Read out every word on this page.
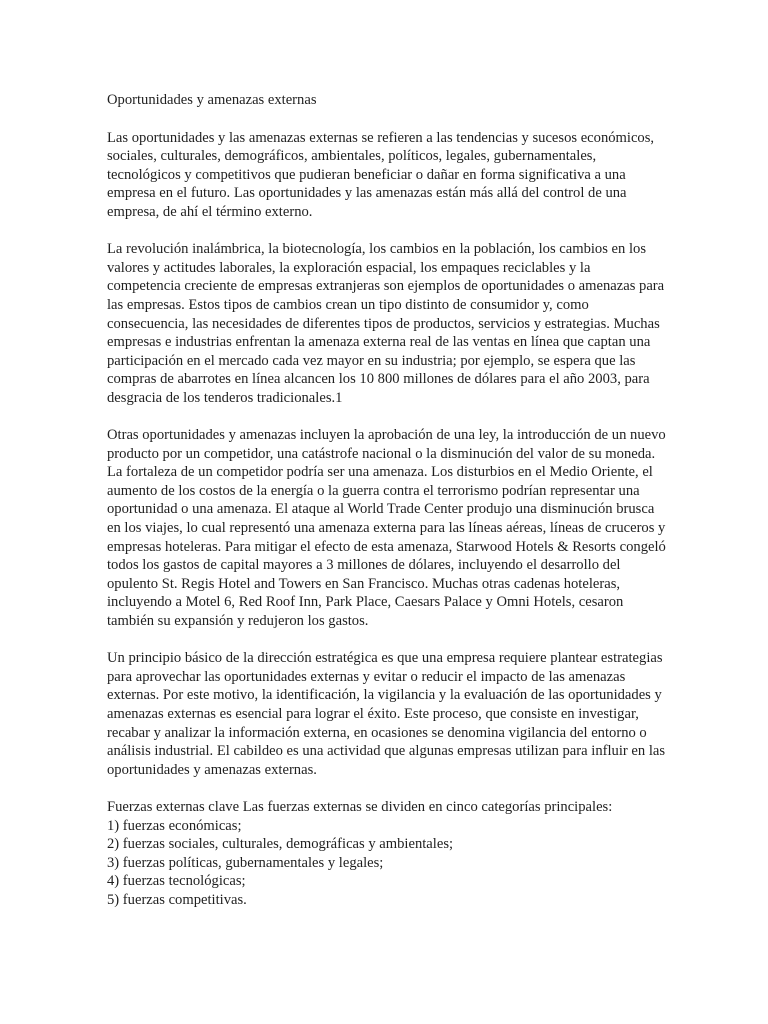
Oportunidades y amenazas externas

Las oportunidades y las amenazas externas se refieren a las tendencias y sucesos económicos, sociales, culturales, demográficos, ambientales, políticos, legales, gubernamentales, tecnológicos y competitivos que pudieran beneficiar o dañar en forma significativa a una empresa en el futuro. Las oportunidades y las amenazas están más allá del control de una empresa, de ahí el término externo.

La revolución inalámbrica, la biotecnología, los cambios en la población, los cambios en los valores y actitudes laborales, la exploración espacial, los empaques reciclables y la competencia creciente de empresas extranjeras son ejemplos de oportunidades o amenazas para las empresas. Estos tipos de cambios crean un tipo distinto de consumidor y, como consecuencia, las necesidades de diferentes tipos de productos, servicios y estrategias. Muchas empresas e industrias enfrentan la amenaza externa real de las ventas en línea que captan una participación en el mercado cada vez mayor en su industria; por ejemplo, se espera que las compras de abarrotes en línea alcancen los 10 800 millones de dólares para el año 2003, para desgracia de los tenderos tradicionales.1

Otras oportunidades y amenazas incluyen la aprobación de una ley, la introducción de un nuevo producto por un competidor, una catástrofe nacional o la disminución del valor de su moneda. La fortaleza de un competidor podría ser una amenaza. Los disturbios en el Medio Oriente, el aumento de los costos de la energía o la guerra contra el terrorismo podrían representar una oportunidad o una amenaza. El ataque al World Trade Center produjo una disminución brusca en los viajes, lo cual representó una amenaza externa para las líneas aéreas, líneas de cruceros y empresas hoteleras. Para mitigar el efecto de esta amenaza, Starwood Hotels & Resorts congeló todos los gastos de capital mayores a 3 millones de dólares, incluyendo el desarrollo del opulento St. Regis Hotel and Towers en San Francisco. Muchas otras cadenas hoteleras, incluyendo a Motel 6, Red Roof Inn, Park Place, Caesars Palace y Omni Hotels, cesaron también su expansión y redujeron los gastos.

Un principio básico de la dirección estratégica es que una empresa requiere plantear estrategias para aprovechar las oportunidades externas y evitar o reducir el impacto de las amenazas externas. Por este motivo, la identificación, la vigilancia y la evaluación de las oportunidades y amenazas externas es esencial para lograr el éxito. Este proceso, que consiste en investigar, recabar y analizar la información externa, en ocasiones se denomina vigilancia del entorno o análisis industrial. El cabildeo es una actividad que algunas empresas utilizan para influir en las oportunidades y amenazas externas.

Fuerzas externas clave Las fuerzas externas se dividen en cinco categorías principales:

1) fuerzas económicas;
2) fuerzas sociales, culturales, demográficas y ambientales;
3) fuerzas políticas, gubernamentales y legales;
4) fuerzas tecnológicas;
5) fuerzas competitivas.
